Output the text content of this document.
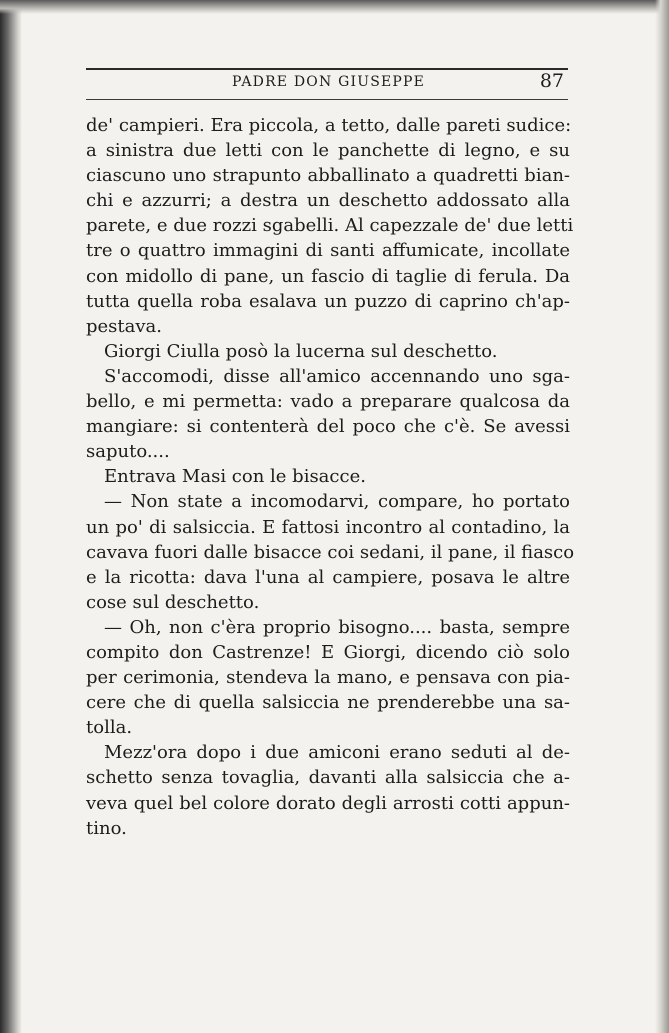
PADRE DON GIUSEPPE	87
de' campieri. Era piccola, a tetto, dalle pareti sudice:
a sinistra due letti con le panchette di legno, e su
ciascuno uno strapunto abballinato a quadretti bian-
chi e azzurri; a destra un deschetto addossato alla
parete, e due rozzi sgabelli. Al capezzale de' due letti
tre o quattro immagini di santi affumicate, incollate
con midollo di pane, un fascio di taglie di ferula. Da
tutta quella roba esalava un puzzo di caprino ch'ap-
pestava.
Giorgi Ciulla posò la lucerna sul deschetto.
S'accomodi, disse all'amico accennando uno sga-
bello, e mi permetta: vado a preparare qualcosa da
mangiare: si contenterà del poco che c'è. Se avessi
saputo....
Entrava Masi con le bisacce.
— Non state a incomodarvi, compare, ho portato
un po' di salsiccia. E fattosi incontro al contadino, la
cavava fuori dalle bisacce coi sedani, il pane, il fiasco
e la ricotta: dava l'una al campiere, posava le altre
cose sul deschetto.
— Oh, non c'èra proprio bisogno.... basta, sempre
compito don Castrenze! E Giorgi, dicendo ciò solo
per cerimonia, stendeva la mano, e pensava con pia-
cere che di quella salsiccia ne prenderebbe una sa-
tolla.
Mezz'ora dopo i due amiconi erano seduti al de-
schetto senza tovaglia, davanti alla salsiccia che a-
veva quel bel colore dorato degli arrosti cotti appun-
tino.
